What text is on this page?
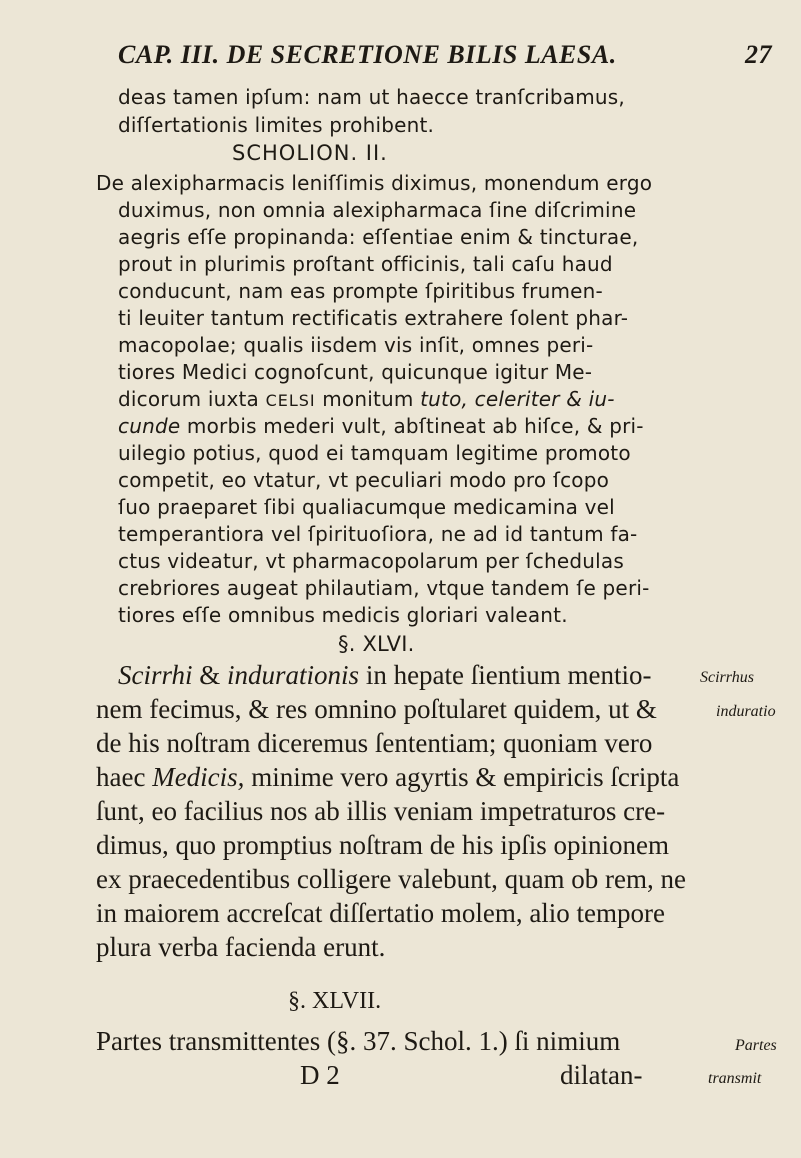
CAP. III. DE SECRETIONE BILIS LAESA.	27
deas tamen ipſum: nam ut haecce tranſcribamus,
diſſertationis limites prohibent.
SCHOLION. II.
De alexipharmacis leniſſimis diximus, monendum ergo
duximus, non omnia alexipharmaca ſine diſcrimine
aegris eſſe propinanda: eſſentiae enim & tincturae,
prout in plurimis proſtant officinis, tali caſu haud
conducunt, nam eas prompte ſpiritibus frumen-
ti leuiter tantum rectificatis extrahere ſolent phar-
macopolae; qualis iisdem vis inſit, omnes peri-
tiores Medici cognoſcunt, quicunque igitur Me-
dicorum iuxta CELSI monitum tuto, celeriter & iu-
cunde morbis mederi vult, abſtineat ab hiſce, & pri-
uilegio potius, quod ei tamquam legitime promoto
competit, eo vtatur, vt peculiari modo pro ſcopo
ſuo praeparet ſibi qualiacumque medicamina vel
temperantiora vel ſpirituoſiora, ne ad id tantum fa-
ctus videatur, vt pharmacopolarum per ſchedulas
crebriores augeat philautiam, vtque tandem ſe peri-
tiores eſſe omnibus medicis gloriari valeant.
§. XLVI.
Scirrhi & indurationis in hepate ſientium mentio-	Scirrhus
nem fecimus, & res omnino poſtularet quidem, ut &	induratio
de his noſtram diceremus ſententiam; quoniam vero
haec Medicis, minime vero agyrtis & empiricis ſcripta
ſunt, eo facilius nos ab illis veniam impetraturos cre-
dimus, quo promptius noſtram de his ipſis opinionem
ex praecedentibus colligere valebunt, quam ob rem, ne
in maiorem accreſcat diſſertatio molem, alio tempore
plura verba facienda erunt.
§. XLVII.
Partes transmittentes (§. 37. Schol. 1.) ſi nimium	Partes
D 2	dilatan-	transmit
